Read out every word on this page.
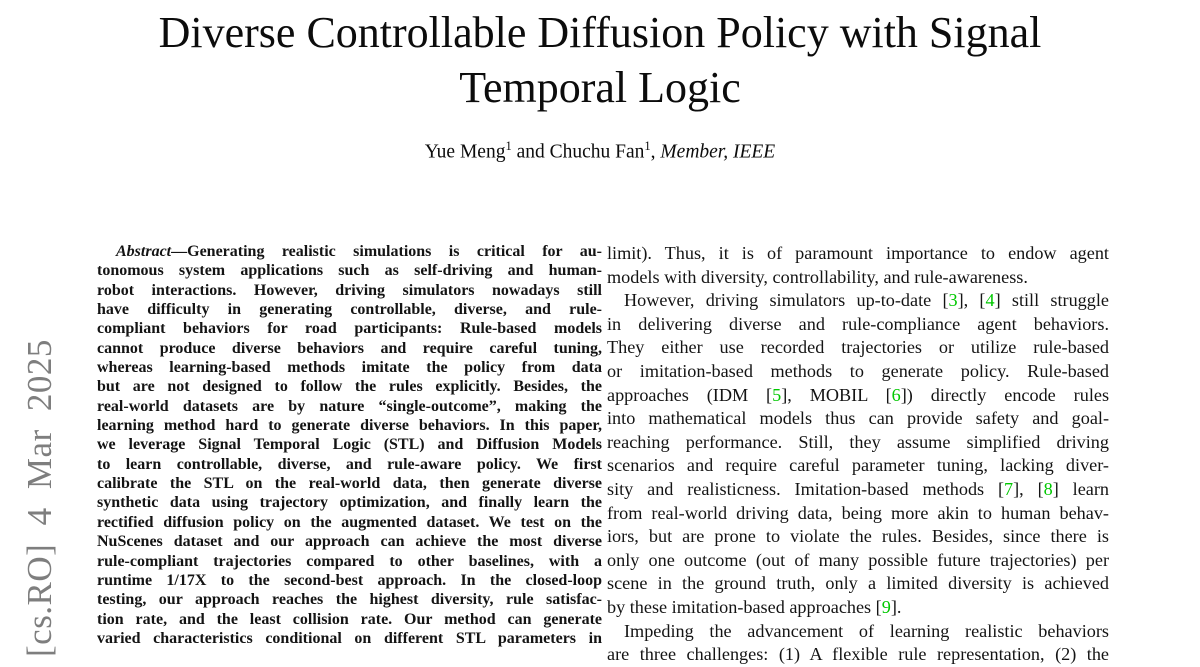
[cs.RO] 4 Mar 2025
Diverse Controllable Diffusion Policy with Signal
Temporal Logic
Yue Meng$^1$ and Chuchu Fan$^1$, Member, IEEE
Abstract—Generating realistic simulations is critical for au-
tonomous system applications such as self-driving and human-
robot interactions. However, driving simulators nowadays still
have difficulty in generating controllable, diverse, and rule-
compliant behaviors for road participants: Rule-based models
cannot produce diverse behaviors and require careful tuning,
whereas learning-based methods imitate the policy from data
but are not designed to follow the rules explicitly. Besides, the
real-world datasets are by nature “single-outcome”, making the
learning method hard to generate diverse behaviors. In this paper,
we leverage Signal Temporal Logic (STL) and Diffusion Models
to learn controllable, diverse, and rule-aware policy. We first
calibrate the STL on the real-world data, then generate diverse
synthetic data using trajectory optimization, and finally learn the
rectified diffusion policy on the augmented dataset. We test on the
NuScenes dataset and our approach can achieve the most diverse
rule-compliant trajectories compared to other baselines, with a
runtime 1/17X to the second-best approach. In the closed-loop
testing, our approach reaches the highest diversity, rule satisfac-
tion rate, and the least collision rate. Our method can generate
varied characteristics conditional on different STL parameters in
limit). Thus, it is of paramount importance to endow agent
models with diversity, controllability, and rule-awareness.
However, driving simulators up-to-date [3], [4] still struggle
in delivering diverse and rule-compliance agent behaviors.
They either use recorded trajectories or utilize rule-based
or imitation-based methods to generate policy. Rule-based
approaches (IDM [5], MOBIL [6]) directly encode rules
into mathematical models thus can provide safety and goal-
reaching performance. Still, they assume simplified driving
scenarios and require careful parameter tuning, lacking diver-
sity and realisticness. Imitation-based methods [7], [8] learn
from real-world driving data, being more akin to human behav-
iors, but are prone to violate the rules. Besides, since there is
only one outcome (out of many possible future trajectories) per
scene in the ground truth, only a limited diversity is achieved
by these imitation-based approaches [9].
Impeding the advancement of learning realistic behaviors
are three challenges: (1) A flexible rule representation, (2) the
